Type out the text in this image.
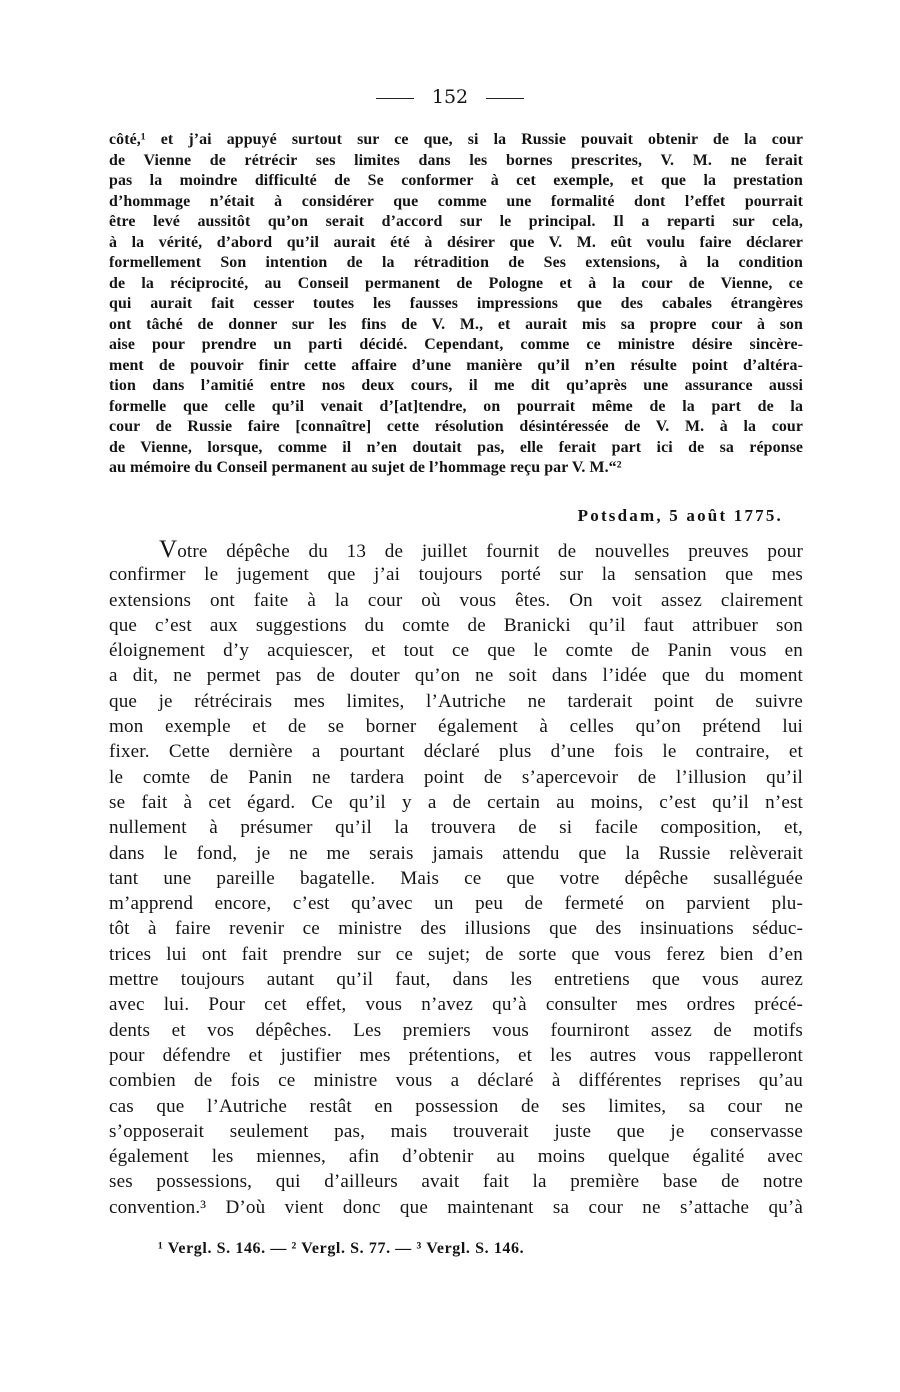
152
côté,¹ et j’ai appuyé surtout sur ce que, si la Russie pouvait obtenir de la cour
de Vienne de rétrécir ses limites dans les bornes prescrites, V. M. ne ferait
pas la moindre difficulté de Se conformer à cet exemple, et que la prestation
d’hommage n’était à considérer que comme une formalité dont l’effet pourrait
être levé aussitôt qu’on serait d’accord sur le principal. Il a reparti sur cela,
à la vérité, d’abord qu’il aurait été à désirer que V. M. eût voulu faire déclarer
formellement Son intention de la rétradition de Ses extensions, à la condition
de la réciprocité, au Conseil permanent de Pologne et à la cour de Vienne, ce
qui aurait fait cesser toutes les fausses impressions que des cabales étrangères
ont tâché de donner sur les fins de V. M., et aurait mis sa propre cour à son
aise pour prendre un parti décidé. Cependant, comme ce ministre désire sincère-
ment de pouvoir finir cette affaire d’une manière qu’il n’en résulte point d’altéra-
tion dans l’amitié entre nos deux cours, il me dit qu’après une assurance aussi
formelle que celle qu’il venait d’[at]tendre, on pourrait même de la part de la
cour de Russie faire [connaître] cette résolution désintéressée de V. M. à la cour
de Vienne, lorsque, comme il n’en doutait pas, elle ferait part ici de sa réponse
au mémoire du Conseil permanent au sujet de l’hommage reçu par V. M.“²
Potsdam, 5 août 1775.
Votre dépêche du 13 de juillet fournit de nouvelles preuves pour
confirmer le jugement que j’ai toujours porté sur la sensation que mes
extensions ont faite à la cour où vous êtes. On voit assez clairement
que c’est aux suggestions du comte de Branicki qu’il faut attribuer son
éloignement d’y acquiescer, et tout ce que le comte de Panin vous en
a dit, ne permet pas de douter qu’on ne soit dans l’idée que du moment
que je rétrécirais mes limites, l’Autriche ne tarderait point de suivre
mon exemple et de se borner également à celles qu’on prétend lui
fixer. Cette dernière a pourtant déclaré plus d’une fois le contraire, et
le comte de Panin ne tardera point de s’apercevoir de l’illusion qu’il
se fait à cet égard. Ce qu’il y a de certain au moins, c’est qu’il n’est
nullement à présumer qu’il la trouvera de si facile composition, et,
dans le fond, je ne me serais jamais attendu que la Russie relèverait
tant une pareille bagatelle. Mais ce que votre dépêche susalléguée
m’apprend encore, c’est qu’avec un peu de fermeté on parvient plu-
tôt à faire revenir ce ministre des illusions que des insinuations séduc-
trices lui ont fait prendre sur ce sujet; de sorte que vous ferez bien d’en
mettre toujours autant qu’il faut, dans les entretiens que vous aurez
avec lui. Pour cet effet, vous n’avez qu’à consulter mes ordres précé-
dents et vos dépêches. Les premiers vous fourniront assez de motifs
pour défendre et justifier mes prétentions, et les autres vous rappelleront
combien de fois ce ministre vous a déclaré à différentes reprises qu’au
cas que l’Autriche restât en possession de ses limites, sa cour ne
s’opposerait seulement pas, mais trouverait juste que je conservasse
également les miennes, afin d’obtenir au moins quelque égalité avec
ses possessions, qui d’ailleurs avait fait la première base de notre
convention.³ D’où vient donc que maintenant sa cour ne s’attache qu’à
¹ Vergl. S. 146. — ² Vergl. S. 77. — ³ Vergl. S. 146.
